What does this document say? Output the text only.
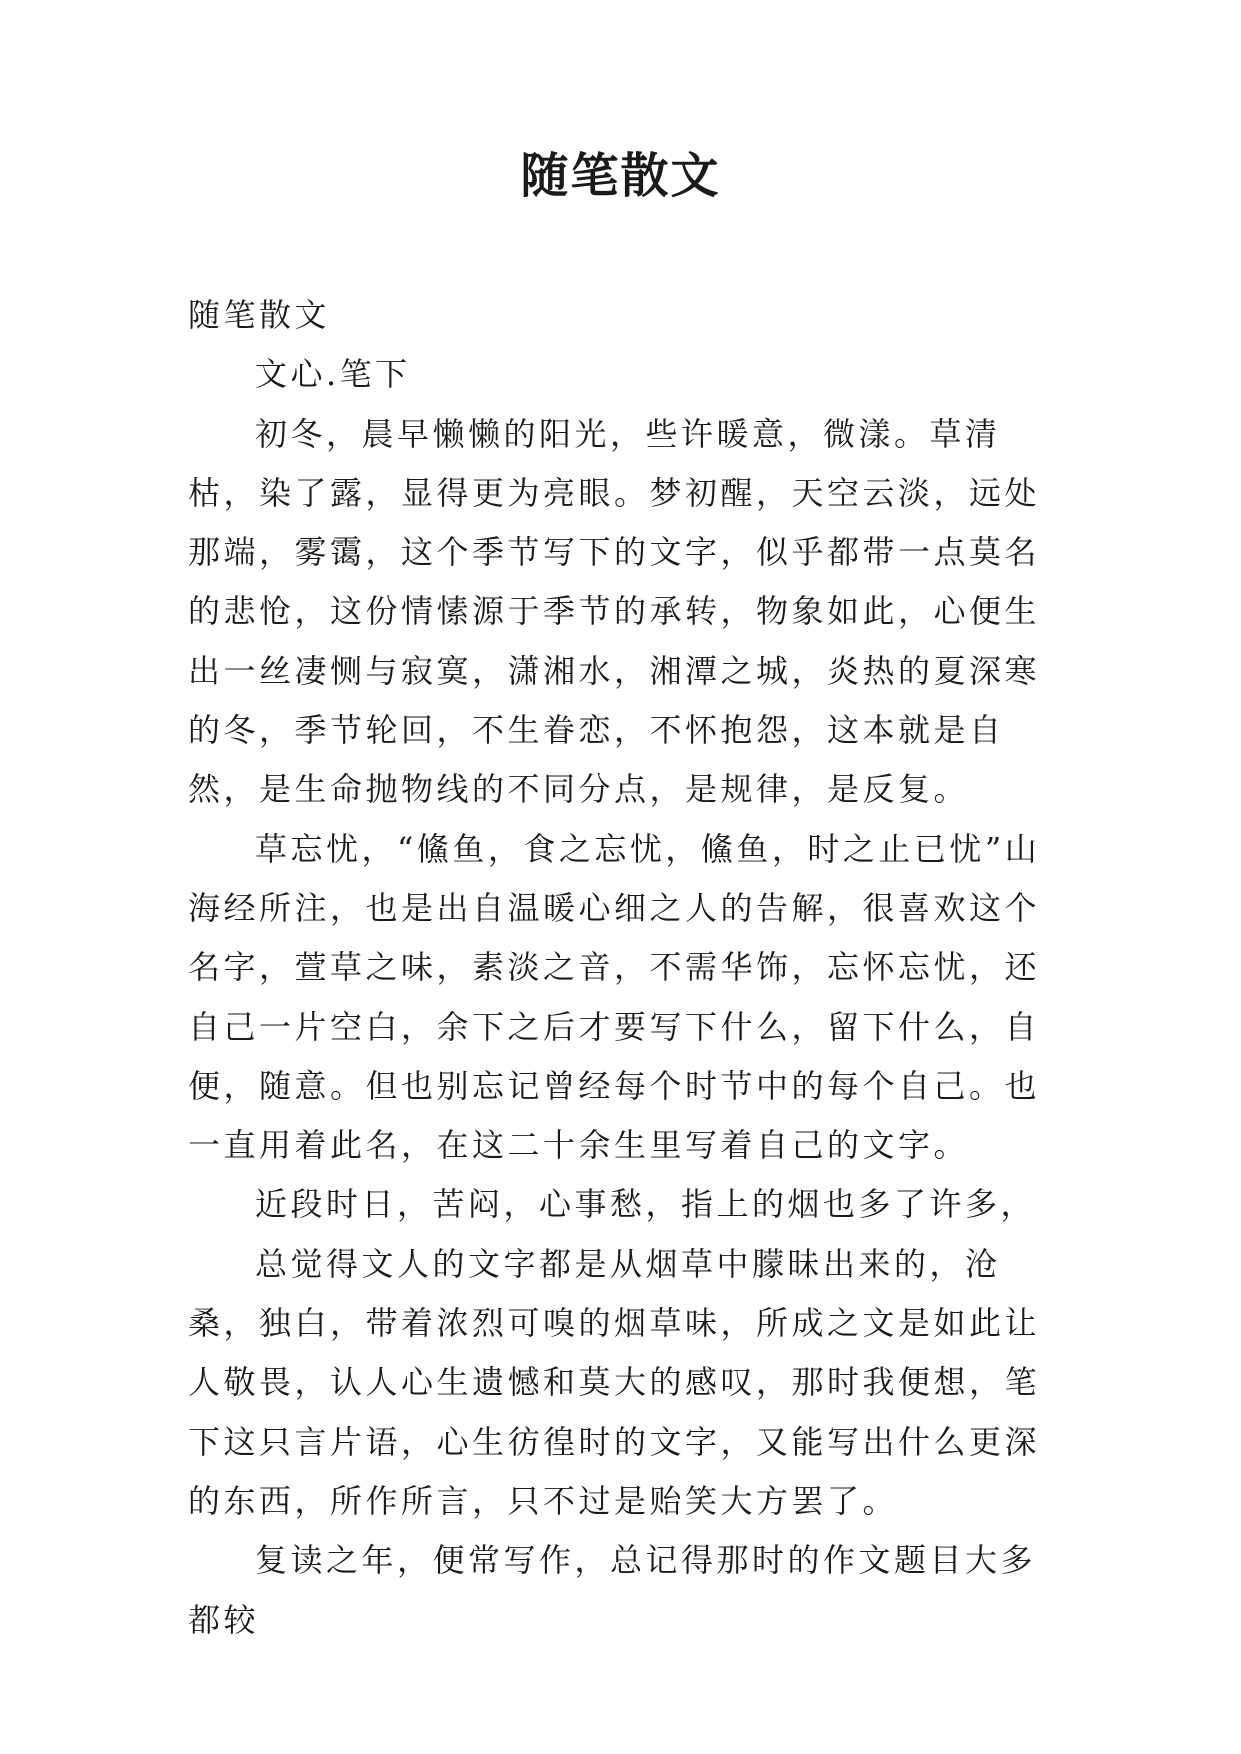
随笔散文

随笔散文

文心.笔下

初冬，晨早懒懒的阳光，些许暖意，微漾。草清枯，染了露，显得更为亮眼。梦初醒，天空云淡，远处那端，雾霭，这个季节写下的文字，似乎都带一点莫名的悲怆，这份情愫源于季节的承转，物象如此，心便生出一丝凄恻与寂寞，潇湘水，湘潭之城，炎热的夏深寒的冬，季节轮回，不生眷恋，不怀抱怨，这本就是自然，是生命抛物线的不同分点，是规律，是反复。

草忘忧，“鯈鱼，食之忘忧，鯈鱼，时之止已忧”山海经所注，也是出自温暖心细之人的告解，很喜欢这个名字，萱草之味，素淡之音，不需华饰，忘怀忘忧，还自己一片空白，余下之后才要写下什么，留下什么，自便，随意。但也别忘记曾经每个时节中的每个自己。也一直用着此名，在这二十余生里写着自己的文字。

近段时日，苦闷，心事愁，指上的烟也多了许多，

总觉得文人的文字都是从烟草中朦昧出来的，沧桑，独白，带着浓烈可嗅的烟草味，所成之文是如此让人敬畏，认人心生遗憾和莫大的感叹，那时我便想，笔下这只言片语，心生彷徨时的文字，又能写出什么更深的东西，所作所言，只不过是贻笑大方罢了。

复读之年，便常写作，总记得那时的作文题目大多都较
